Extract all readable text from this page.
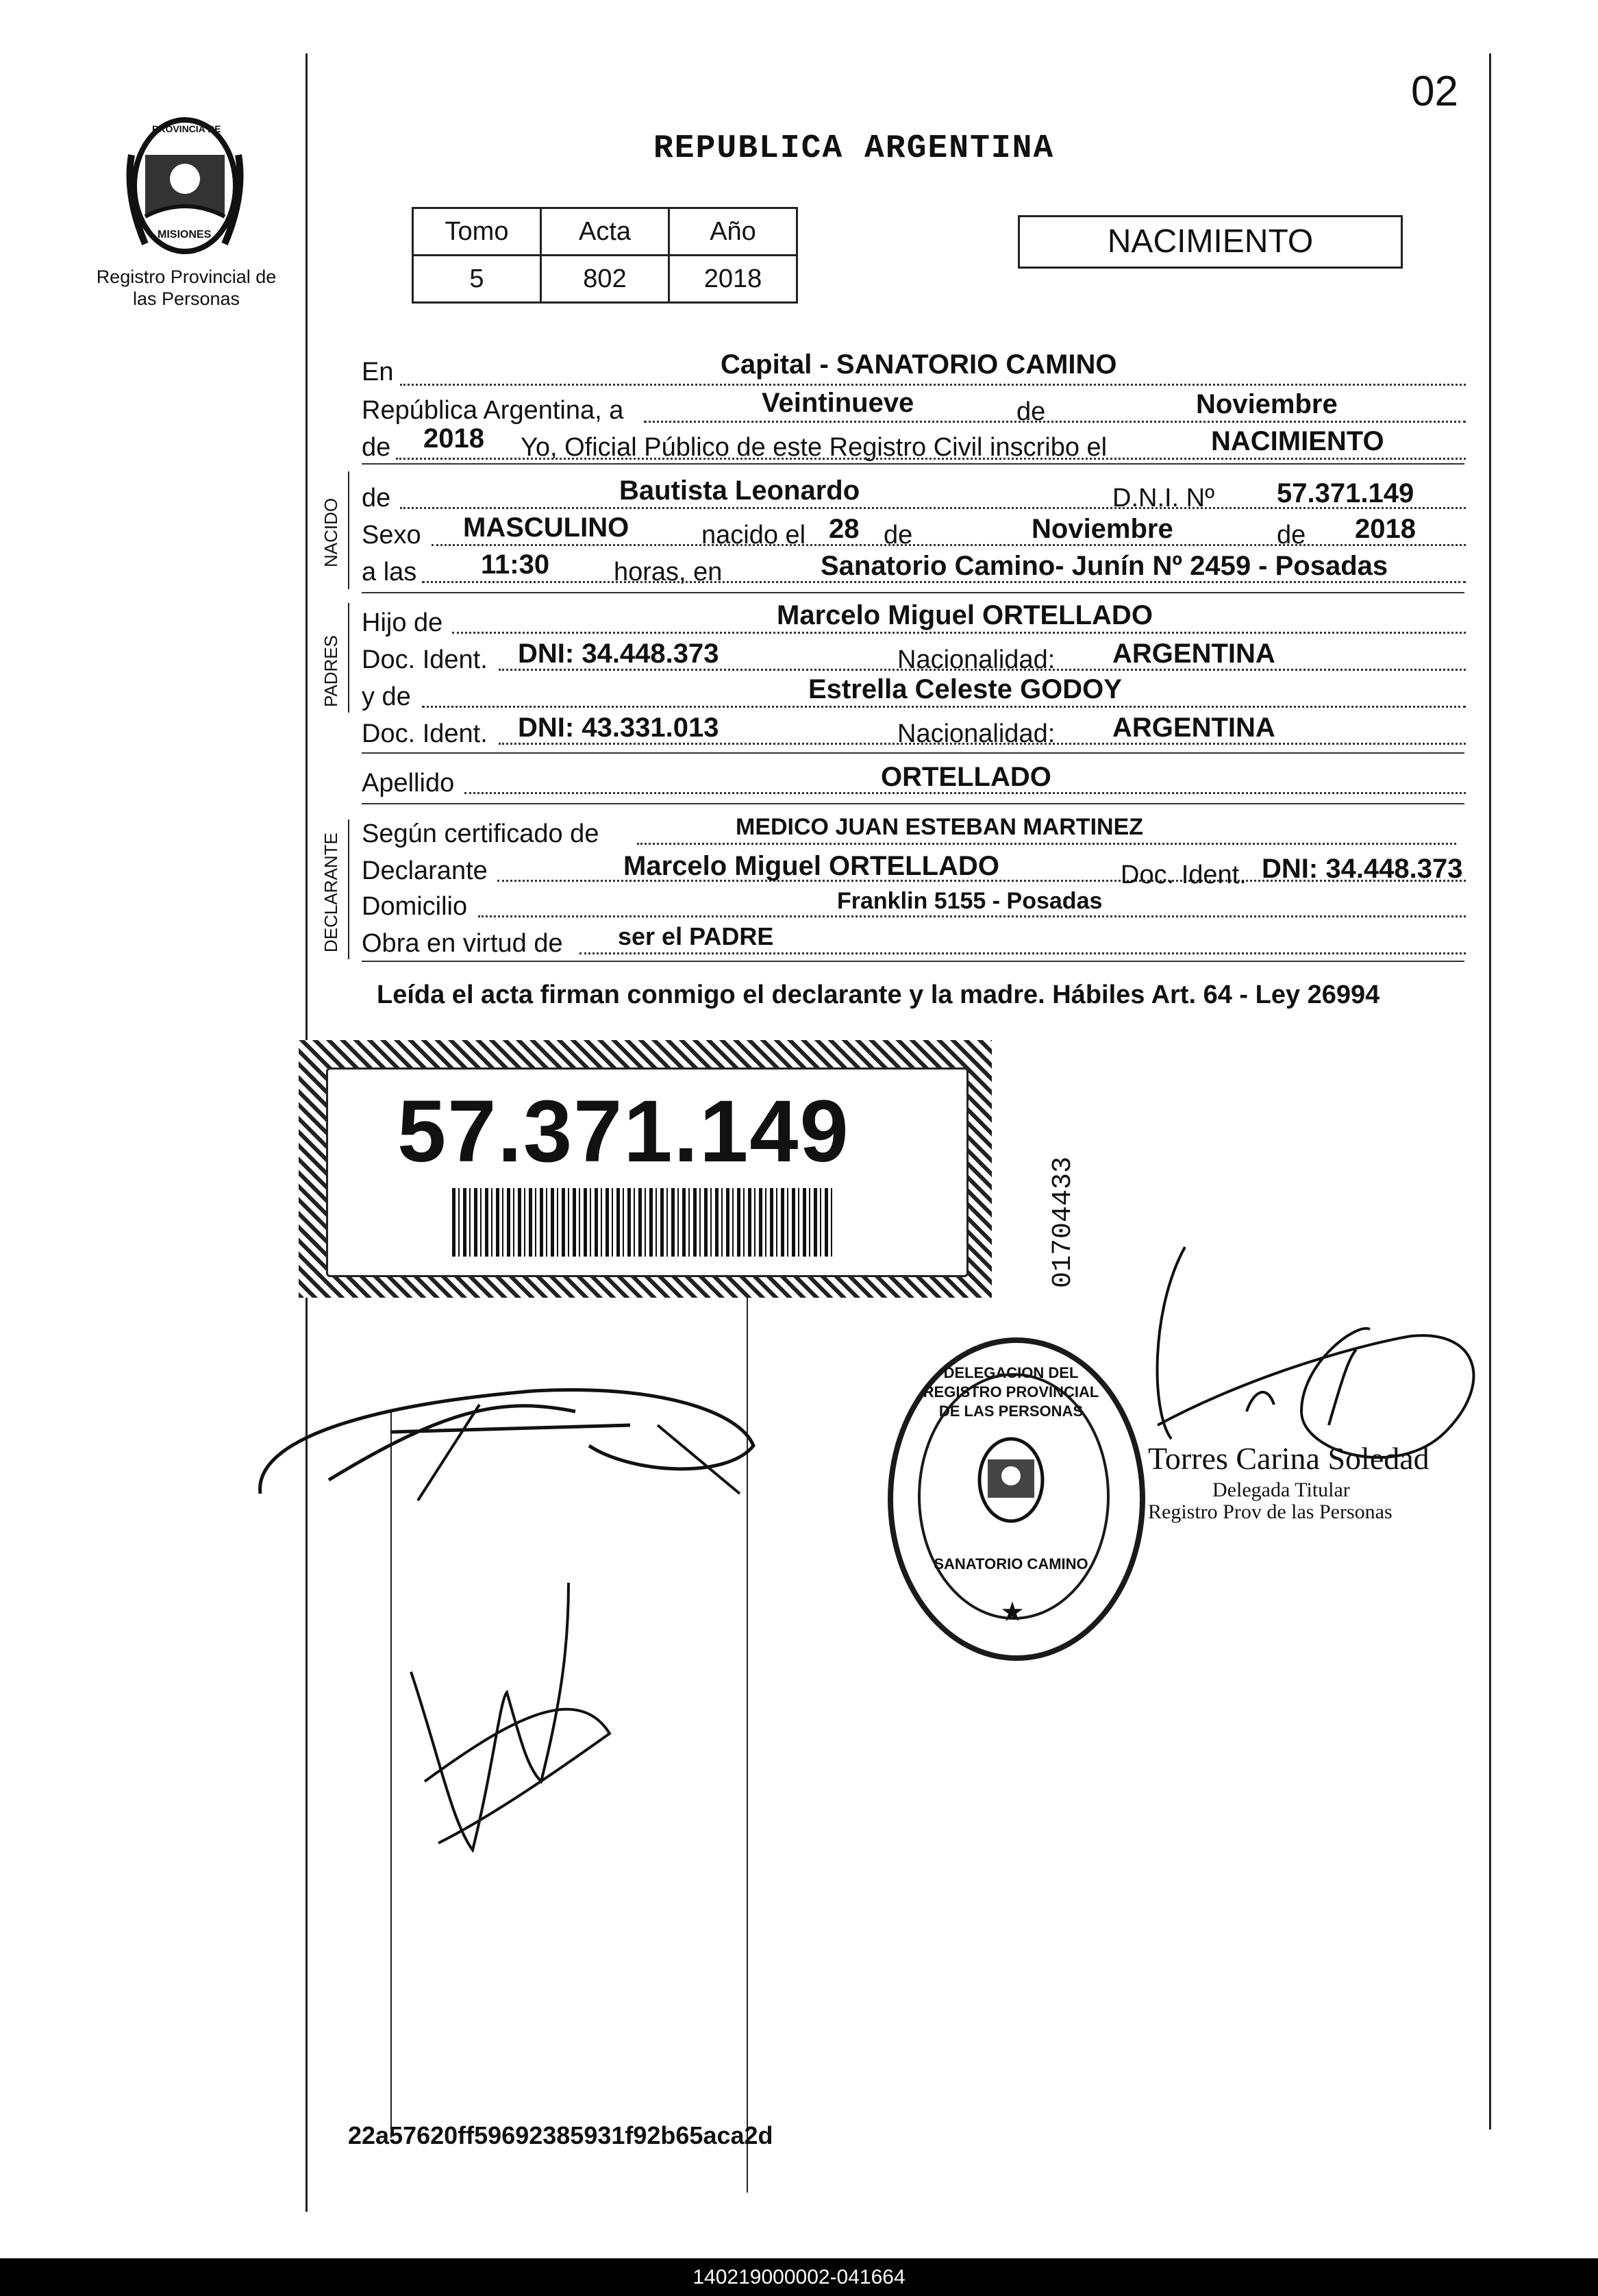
02
PROVINCIA DE
MISIONES
Registro Provincial de las Personas
REPUBLICA ARGENTINA
Tomo	Acta	Año
5	802	2018
NACIMIENTO
NACIDO
PADRES
DECLARANTE
En	Capital - SANATORIO CAMINO
República Argentina, a	Veintinueve	de	Noviembre
de 2018 Yo, Oficial Público de este Registro Civil inscribo el	NACIMIENTO
de	Bautista Leonardo	D.N.I. Nº 57.371.149
Sexo MASCULINO	nacido el 28 de	Noviembre	de 2018
a las 11:30 horas, en	Sanatorio Camino- Junín Nº 2459 - Posadas
Hijo de	Marcelo Miguel ORTELLADO
Doc. Ident. DNI: 34.448.373	Nacionalidad: ARGENTINA
y de	Estrella Celeste GODOY
Doc. Ident. DNI: 43.331.013	Nacionalidad: ARGENTINA
Apellido	ORTELLADO
Según certificado de	MEDICO JUAN ESTEBAN MARTINEZ
Declarante	Marcelo Miguel ORTELLADO	Doc. Ident. DNI: 34.448.373
Domicilio	Franklin 5155 - Posadas
Obra en virtud de ser el PADRE
Leída el acta firman conmigo el declarante y la madre. Hábiles Art. 64 - Ley 26994
57.371.149
01704433
DELEGACION DEL REGISTRO PROVINCIAL DE LAS PERSONAS
SANATORIO CAMINO
★
Torres Carina Soledad
Delegada Titular
Registro Prov de las Personas
22a57620ff59692385931f92b65aca2d
140219000002-041664
